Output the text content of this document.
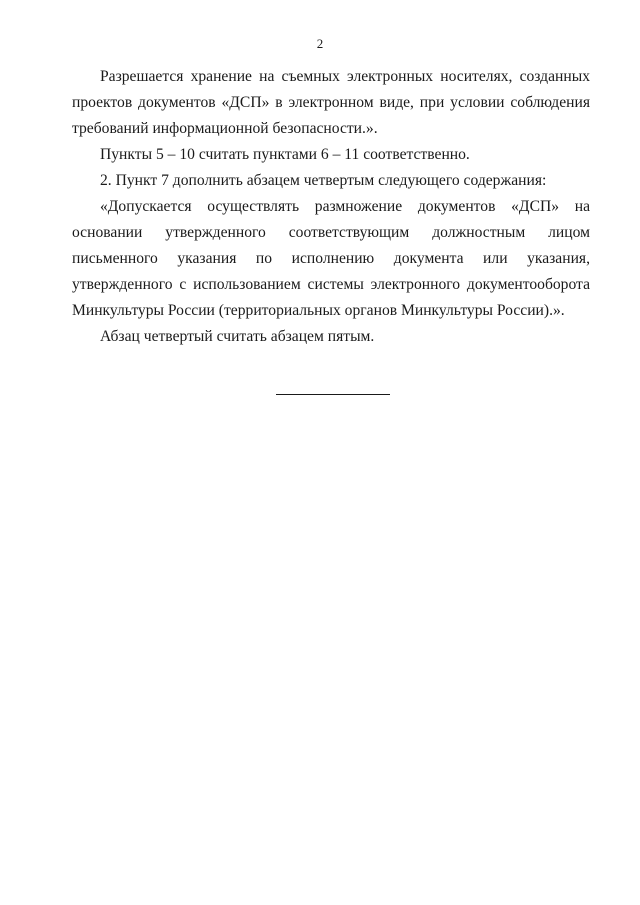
2

Разрешается хранение на съемных электронных носителях, созданных проектов документов «ДСП» в электронном виде, при условии соблюдения требований информационной безопасности.».

Пункты 5 – 10 считать пунктами 6 – 11 соответственно.

2. Пункт 7 дополнить абзацем четвертым следующего содержания:

«Допускается осуществлять размножение документов «ДСП» на основании утвержденного соответствующим должностным лицом письменного указания по исполнению документа или указания, утвержденного с использованием системы электронного документооборота Минкультуры России (территориальных органов Минкультуры России).».

Абзац четвертый считать абзацем пятым.
